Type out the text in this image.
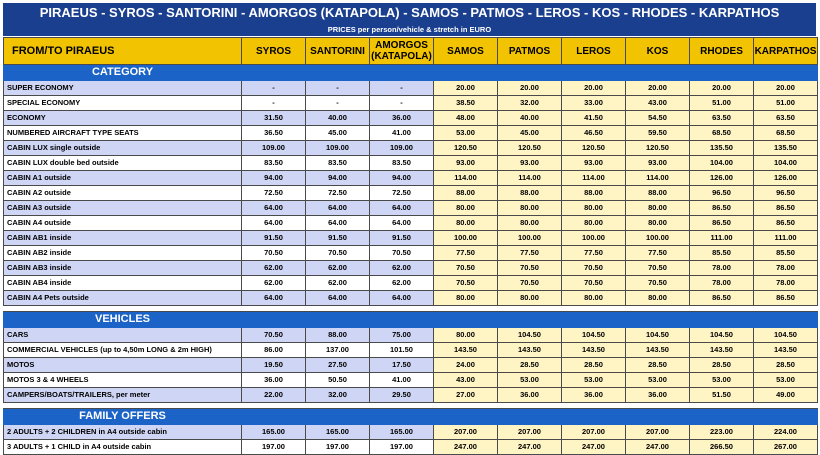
PIRAEUS - SYROS - SANTORINI - AMORGOS (KATAPOLA) - SAMOS - PATMOS - LEROS - KOS - RHODES - KARPATHOS
PRICES per person/vehicle & stretch in EURO
FROM/TO PIRAEUS	SYROS	SANTORINI	AMORGOS (KATAPOLA)	SAMOS	PATMOS	LEROS	KOS	RHODES	KARPATHOS
CATEGORY									
SUPER ECONOMY	-	-	-	20.00	20.00	20.00	20.00	20.00	20.00
SPECIAL ECONOMY	-	-	-	38.50	32.00	33.00	43.00	51.00	51.00
ECONOMY	31.50	40.00	36.00	48.00	40.00	41.50	54.50	63.50	63.50
NUMBERED AIRCRAFT TYPE SEATS	36.50	45.00	41.00	53.00	45.00	46.50	59.50	68.50	68.50
CABIN LUX single outside	109.00	109.00	109.00	120.50	120.50	120.50	120.50	135.50	135.50
CABIN LUX double bed outside	83.50	83.50	83.50	93.00	93.00	93.00	93.00	104.00	104.00
CABIN A1 outside	94.00	94.00	94.00	114.00	114.00	114.00	114.00	126.00	126.00
CABIN A2 outside	72.50	72.50	72.50	88.00	88.00	88.00	88.00	96.50	96.50
CABIN A3 outside	64.00	64.00	64.00	80.00	80.00	80.00	80.00	86.50	86.50
CABIN A4 outside	64.00	64.00	64.00	80.00	80.00	80.00	80.00	86.50	86.50
CABIN AB1 inside	91.50	91.50	91.50	100.00	100.00	100.00	100.00	111.00	111.00
CABIN AB2 inside	70.50	70.50	70.50	77.50	77.50	77.50	77.50	85.50	85.50
CABIN AB3 inside	62.00	62.00	62.00	70.50	70.50	70.50	70.50	78.00	78.00
CABIN AB4 inside	62.00	62.00	62.00	70.50	70.50	70.50	70.50	78.00	78.00
CABIN A4 Pets outside	64.00	64.00	64.00	80.00	80.00	80.00	80.00	86.50	86.50

VEHICLES									
CARS	70.50	88.00	75.00	80.00	104.50	104.50	104.50	104.50	104.50
COMMERCIAL VEHICLES (up to 4,50m LONG & 2m HIGH)	86.00	137.00	101.50	143.50	143.50	143.50	143.50	143.50	143.50
MOTOS	19.50	27.50	17.50	24.00	28.50	28.50	28.50	28.50	28.50
MOTOS 3 & 4 WHEELS	36.00	50.50	41.00	43.00	53.00	53.00	53.00	53.00	53.00
CAMPERS/BOATS/TRAILERS, per meter	22.00	32.00	29.50	27.00	36.00	36.00	36.00	51.50	49.00

FAMILY OFFERS									
2 ADULTS + 2 CHILDREN in A4 outside cabin	165.00	165.00	165.00	207.00	207.00	207.00	207.00	223.00	224.00
3 ADULTS + 1 CHILD in A4 outside cabin	197.00	197.00	197.00	247.00	247.00	247.00	247.00	266.50	267.00
